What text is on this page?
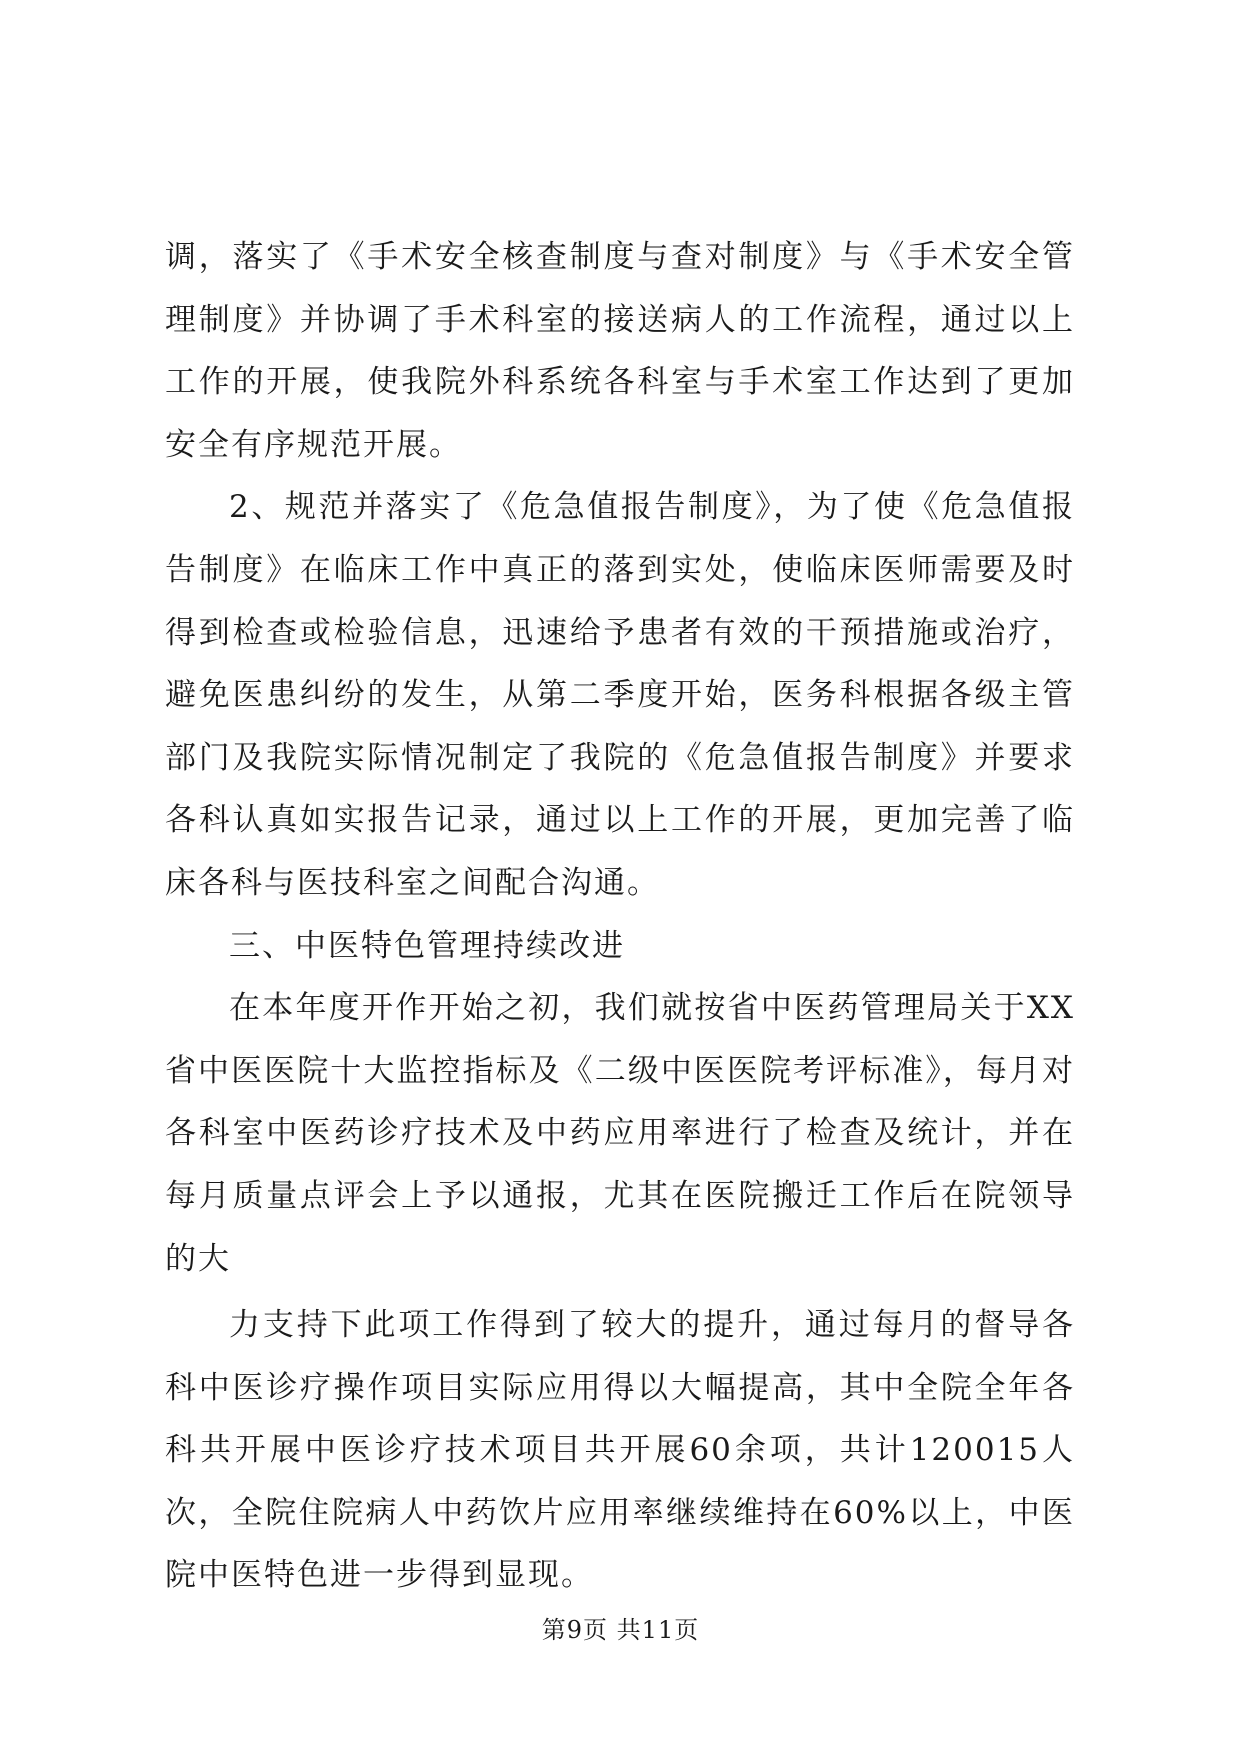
调，落实了《手术安全核查制度与查对制度》与《手术安全管理制度》并协调了手术科室的接送病人的工作流程，通过以上工作的开展，使我院外科系统各科室与手术室工作达到了更加安全有序规范开展。

2、规范并落实了《危急值报告制度》，为了使《危急值报告制度》在临床工作中真正的落到实处，使临床医师需要及时得到检查或检验信息，迅速给予患者有效的干预措施或治疗，避免医患纠纷的发生，从第二季度开始，医务科根据各级主管部门及我院实际情况制定了我院的《危急值报告制度》并要求各科认真如实报告记录，通过以上工作的开展，更加完善了临床各科与医技科室之间配合沟通。

三、中医特色管理持续改进

在本年度开作开始之初，我们就按省中医药管理局关于XX省中医医院十大监控指标及《二级中医医院考评标准》，每月对各科室中医药诊疗技术及中药应用率进行了检查及统计，并在每月质量点评会上予以通报，尤其在医院搬迁工作后在院领导的大

力支持下此项工作得到了较大的提升，通过每月的督导各科中医诊疗操作项目实际应用得以大幅提高，其中全院全年各科共开展中医诊疗技术项目共开展60余项，共计120015人次，全院住院病人中药饮片应用率继续维持在60%以上，中医院中医特色进一步得到显现。

第9页 共11页
